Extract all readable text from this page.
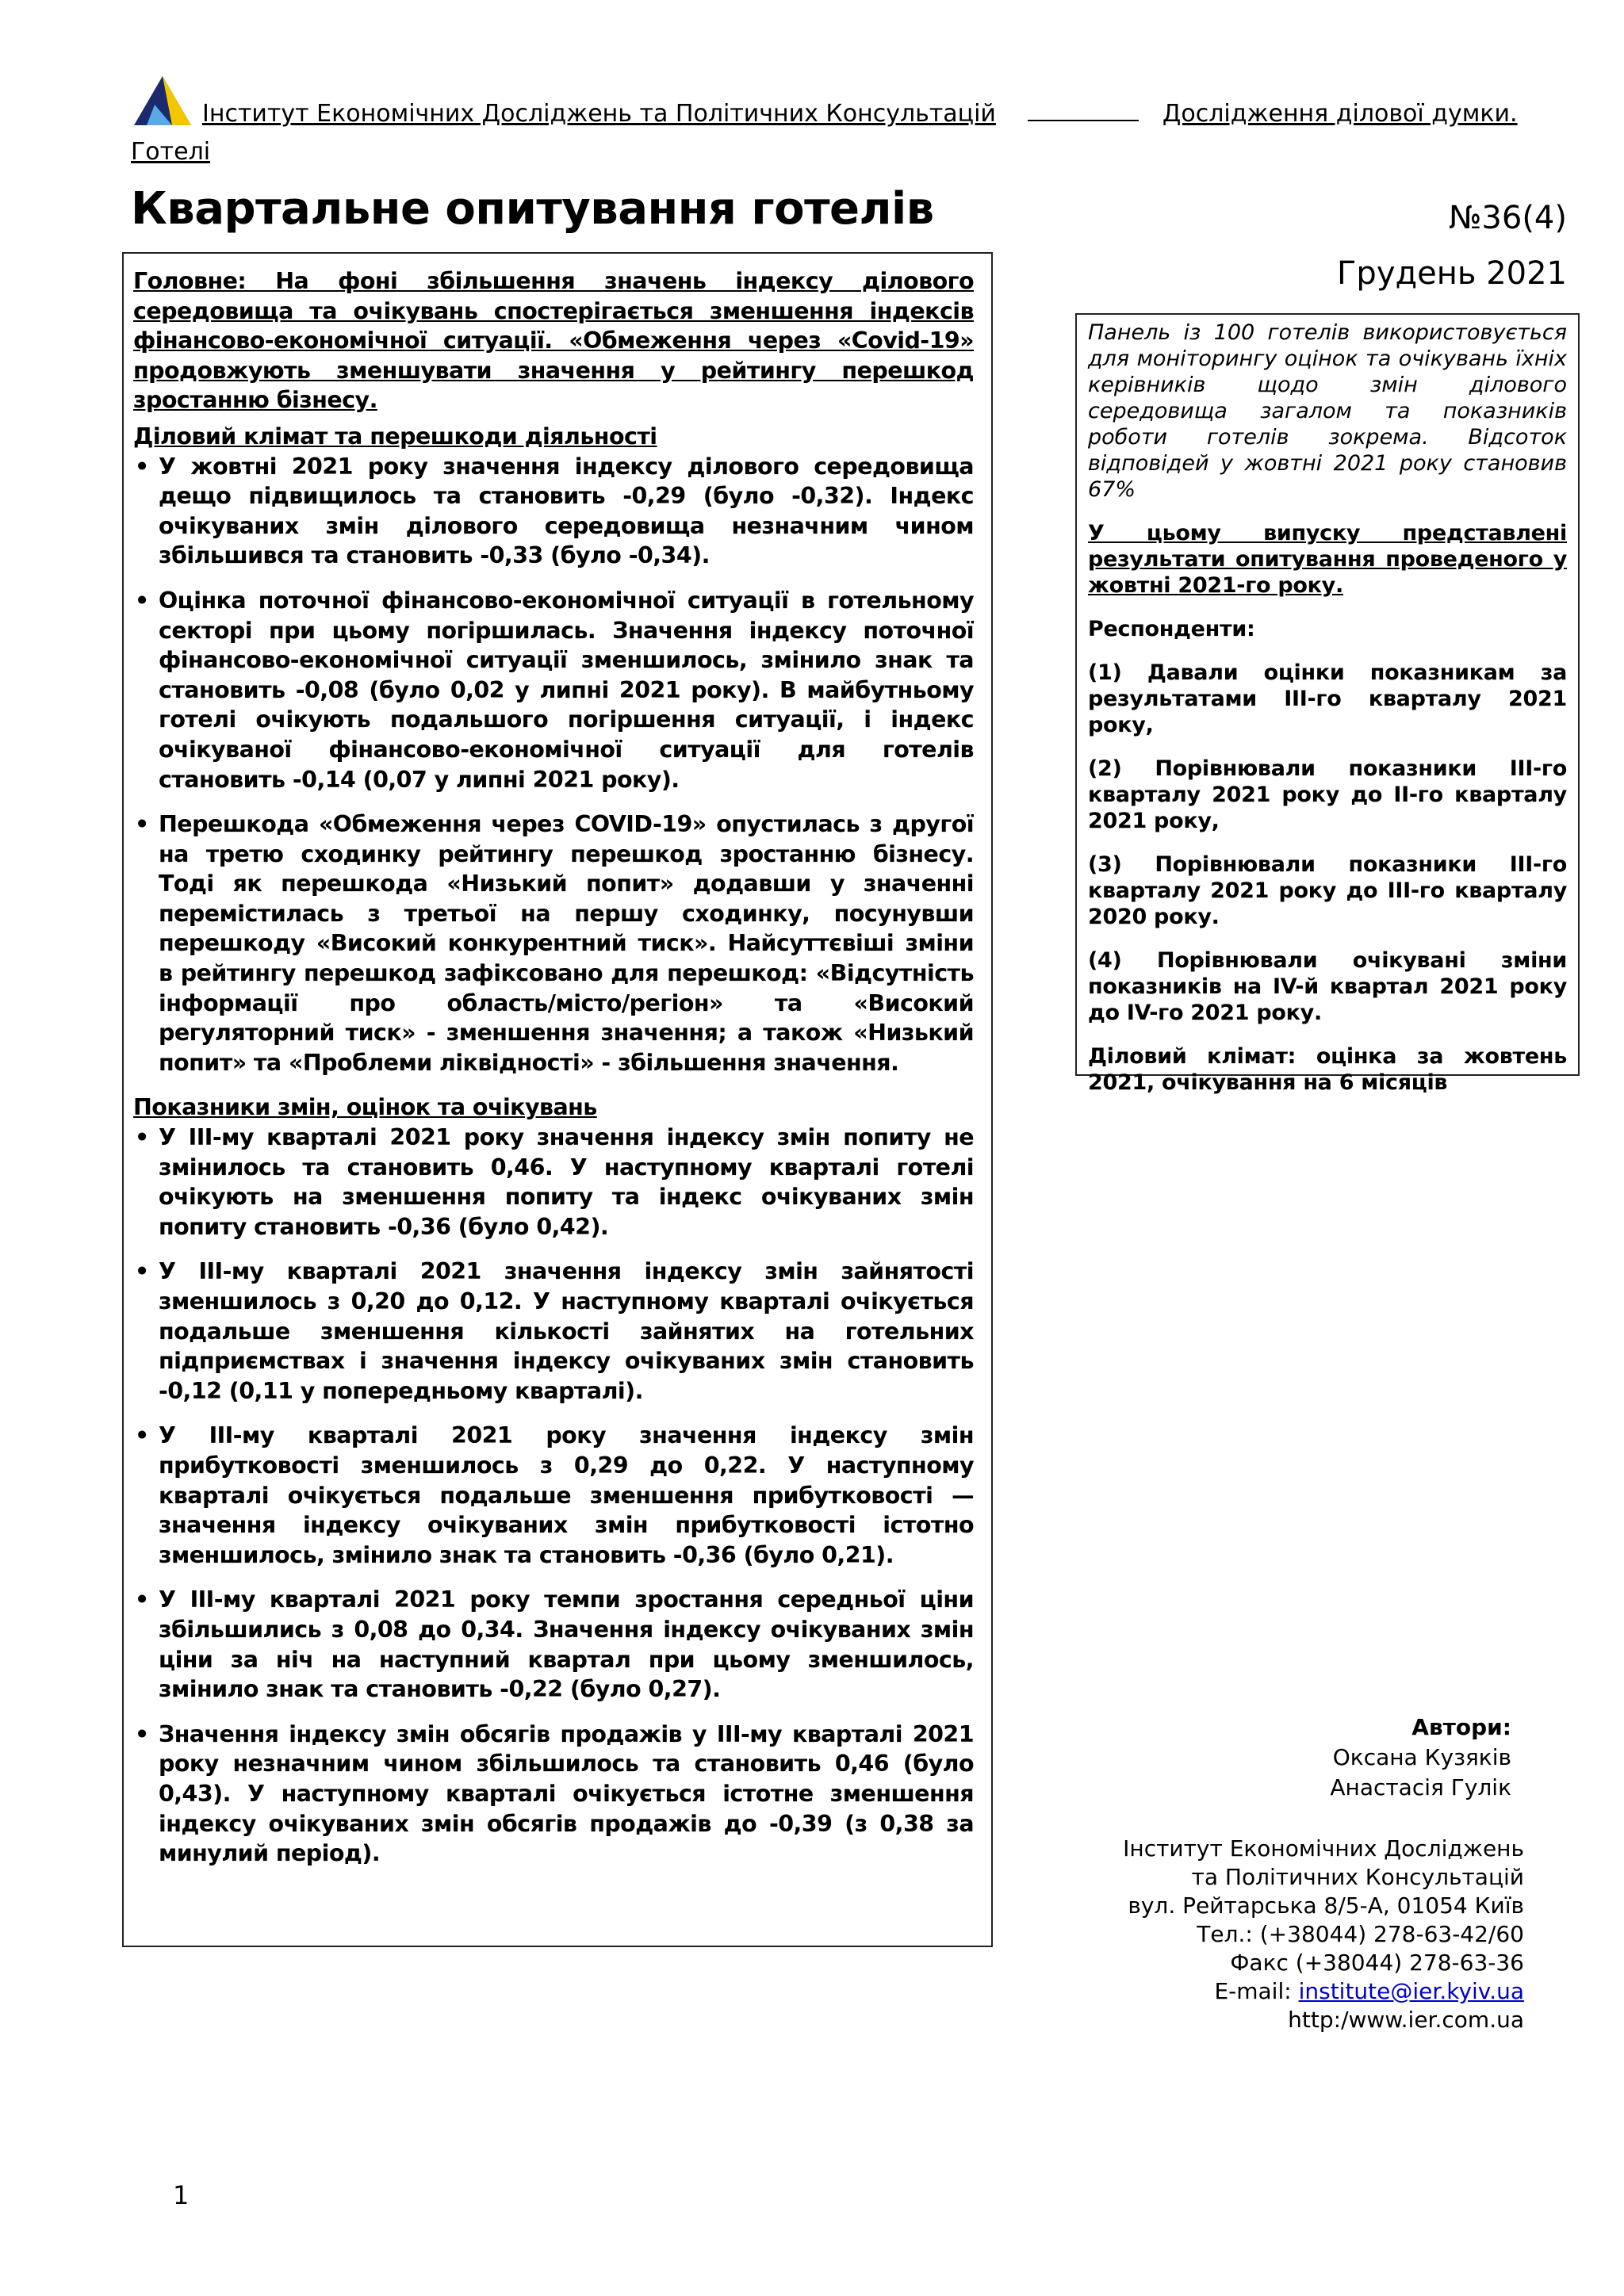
Інститут Економічних Досліджень та Політичних Консультацій	Дослідження ділової думки.
Готелі
Квартальне опитування готелів	№36(4)
Грудень 2021

Головне: На фоні збільшення значень індексу ділового середовища та очікувань спостерігається зменшення індексів фінансово-економічної ситуації. «Обмеження через «Covid-19» продовжують зменшувати значення у рейтингу перешкод зростанню бізнесу.

Діловий клімат та перешкоди діяльності

• У жовтні 2021 року значення індексу ділового середовища дещо підвищилось та становить -0,29 (було -0,32). Індекс очікуваних змін ділового середовища незначним чином збільшився та становить -0,33 (було -0,34).
• Оцінка поточної фінансово-економічної ситуації в готельному секторі при цьому погіршилась. Значення індексу поточної фінансово-економічної ситуації зменшилось, змінило знак та становить -0,08 (було 0,02 у липні 2021 року). В майбутньому готелі очікують подальшого погіршення ситуації, і індекс очікуваної фінансово-економічної ситуації для готелів становить -0,14 (0,07 у липні 2021 року).
• Перешкода «Обмеження через COVID-19» опустилась з другої на третю сходинку рейтингу перешкод зростанню бізнесу. Тоді як перешкода «Низький попит» додавши у значенні перемістилась з третьої на першу сходинку, посунувши перешкоду «Високий конкурентний тиск». Найсуттєвіші зміни в рейтингу перешкод зафіксовано для перешкод: «Відсутність інформації про область/місто/регіон» та «Високий регуляторний тиск» - зменшення значення; а також «Низький попит» та «Проблеми ліквідності» - збільшення значення.

Показники змін, оцінок та очікувань

• У ІІІ-му кварталі 2021 року значення індексу змін попиту не змінилось та становить 0,46. У наступному кварталі готелі очікують на зменшення попиту та індекс очікуваних змін попиту становить -0,36 (було 0,42).
• У ІІІ-му кварталі 2021 значення індексу змін зайнятості зменшилось з 0,20 до 0,12. У наступному кварталі очікується подальше зменшення кількості зайнятих на готельних підприємствах і значення індексу очікуваних змін становить -0,12 (0,11 у попередньому кварталі).
• У ІІІ-му кварталі 2021 року значення індексу змін прибутковості зменшилось з 0,29 до 0,22. У наступному кварталі очікується подальше зменшення прибутковості — значення індексу очікуваних змін прибутковості істотно зменшилось, змінило знак та становить -0,36 (було 0,21).
• У ІІІ-му кварталі 2021 року темпи зростання середньої ціни збільшились з 0,08 до 0,34. Значення індексу очікуваних змін ціни за ніч на наступний квартал при цьому зменшилось, змінило знак та становить -0,22 (було 0,27).
• Значення індексу змін обсягів продажів у ІІІ-му кварталі 2021 року незначним чином збільшилось та становить 0,46 (було 0,43). У наступному кварталі очікується істотне зменшення індексу очікуваних змін обсягів продажів до -0,39 (з 0,38 за минулий період).

Панель із 100 готелів використовується для моніторингу оцінок та очікувань їхніх керівників щодо змін ділового середовища загалом та показників роботи готелів зокрема. Відсоток відповідей у жовтні 2021 року становив 67%

У цьому випуску представлені результати опитування проведеного у жовтні 2021-го року.

Респонденти:

(1) Давали оцінки показникам за результатами ІІІ-го кварталу 2021 року,

(2) Порівнювали показники ІІІ-го кварталу 2021 року до ІІ-го кварталу 2021 року,

(3) Порівнювали показники ІІІ-го кварталу 2021 року до ІІІ-го кварталу 2020 року.

(4) Порівнювали очікувані зміни показників на IV-й квартал 2021 року до IV-го 2021 року.

Діловий клімат: оцінка за жовтень 2021, очікування на 6 місяців

Автори:
Оксана Кузяків
Анастасія Гулік
Інститут Економічних Досліджень
та Політичних Консультацій
вул. Рейтарська 8/5-А, 01054 Київ
Тел.: (+38044) 278-63-42/60
Факс (+38044) 278-63-36
E-mail: institute@ier.kyiv.ua
http:/www.ier.com.ua
1
